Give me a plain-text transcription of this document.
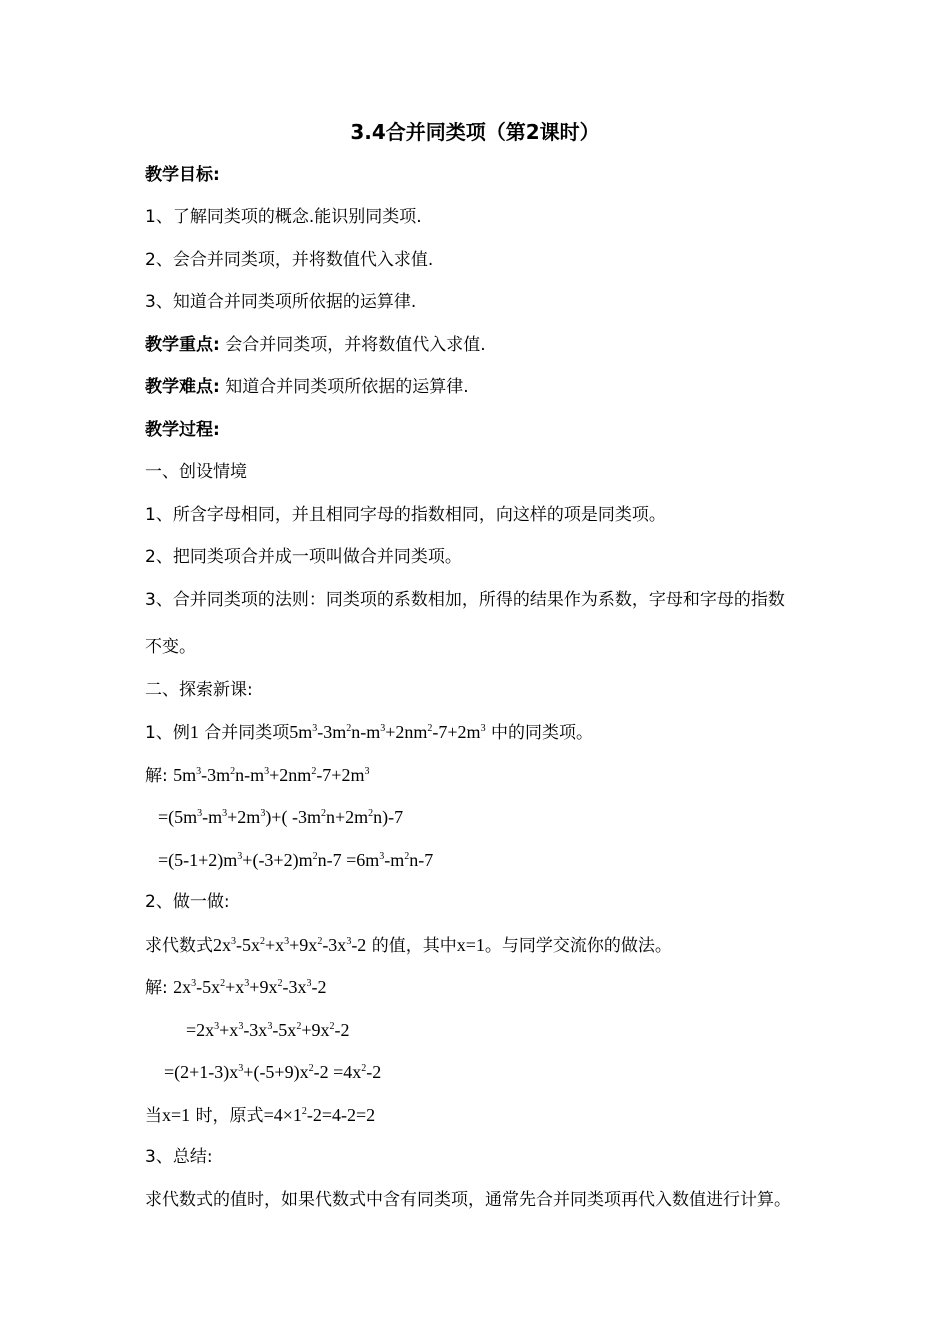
3.4合并同类项（第2课时）
教学目标:
1、了解同类项的概念.能识别同类项.
2、会合并同类项，并将数值代入求值.
3、知道合并同类项所依据的运算律.
教学重点: 会合并同类项，并将数值代入求值.
教学难点: 知道合并同类项所依据的运算律.
教学过程:
一、创设情境
1、所含字母相同，并且相同字母的指数相同，向这样的项是同类项。
2、把同类项合并成一项叫做合并同类项。
3、合并同类项的法则：同类项的系数相加，所得的结果作为系数，字母和字母的指数
不变。
二、探索新课:
1、例1 合并同类项$5m^3-3m^2n-m^3+2nm^2-7+2m^3$ 中的同类项。
解: $5m^3-3m^2n-m^3+2nm^2-7+2m^3$
$=(5m^3-m^3+2m^3)+$( $-3m^2n+2m^2n)-7$
$=(5-1+2)m^3+(-3+2)m^2n-7 =6m^3-m^2n-7$
2、做一做:
求代数式$2x^3-5x^2+x^3+9x^2-3x^3-2$ 的值，其中x=1。与同学交流你的做法。
解: $2x^3-5x^2+x^3+9x^2-3x^3-2$
$=2x^3+x^3-3x^3-5x^2+9x^2-2$
$=(2+1-3)x^3+(-5+9)x^2-2 =4x^2-2$
当x=1 时，原式$=4\times 1^2-2=4-2=2$
3、总结:
求代数式的值时，如果代数式中含有同类项，通常先合并同类项再代入数值进行计算。
